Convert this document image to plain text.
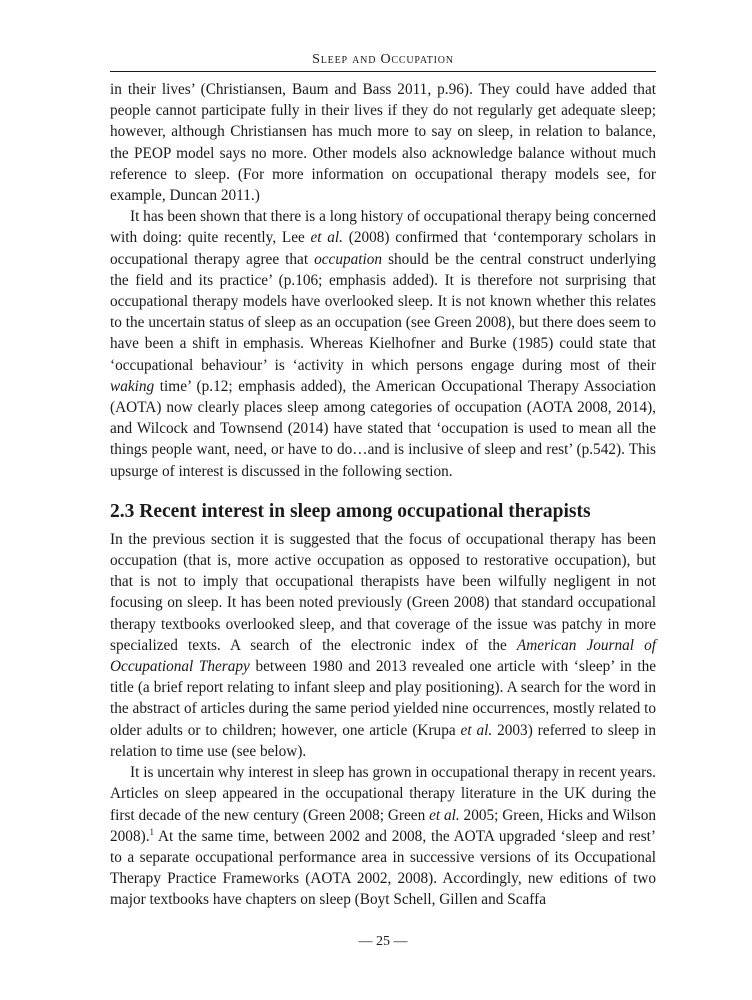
Sleep and Occupation

in their lives’ (Christiansen, Baum and Bass 2011, p.96). They could have added that people cannot participate fully in their lives if they do not regularly get adequate sleep; however, although Christiansen has much more to say on sleep, in relation to balance, the PEOP model says no more. Other models also acknowledge balance without much reference to sleep. (For more information on occupational therapy models see, for example, Duncan 2011.)

It has been shown that there is a long history of occupational therapy being concerned with doing: quite recently, Lee et al. (2008) confirmed that ‘contemporary scholars in occupational therapy agree that occupation should be the central construct underlying the field and its practice’ (p.106; emphasis added). It is therefore not surprising that occupational therapy models have overlooked sleep. It is not known whether this relates to the uncertain status of sleep as an occupation (see Green 2008), but there does seem to have been a shift in emphasis. Whereas Kielhofner and Burke (1985) could state that ‘occupational behaviour’ is ‘activity in which persons engage during most of their waking time’ (p.12; emphasis added), the American Occupational Therapy Association (AOTA) now clearly places sleep among categories of occupation (AOTA 2008, 2014), and Wilcock and Townsend (2014) have stated that ‘occupation is used to mean all the things people want, need, or have to do…and is inclusive of sleep and rest’ (p.542). This upsurge of interest is discussed in the following section.

2.3 Recent interest in sleep among occupational therapists

In the previous section it is suggested that the focus of occupational therapy has been occupation (that is, more active occupation as opposed to restorative occupation), but that is not to imply that occupational therapists have been wilfully negligent in not focusing on sleep. It has been noted previously (Green 2008) that standard occupational therapy textbooks overlooked sleep, and that coverage of the issue was patchy in more specialized texts. A search of the electronic index of the American Journal of Occupational Therapy between 1980 and 2013 revealed one article with ‘sleep’ in the title (a brief report relating to infant sleep and play positioning). A search for the word in the abstract of articles during the same period yielded nine occurrences, mostly related to older adults or to children; however, one article (Krupa et al. 2003) referred to sleep in relation to time use (see below).

It is uncertain why interest in sleep has grown in occupational therapy in recent years. Articles on sleep appeared in the occupational therapy literature in the UK during the first decade of the new century (Green 2008; Green et al. 2005; Green, Hicks and Wilson 2008).$^1$ At the same time, between 2002 and 2008, the AOTA upgraded ‘sleep and rest’ to a separate occupational performance area in successive versions of its Occupational Therapy Practice Frameworks (AOTA 2002, 2008). Accordingly, new editions of two major textbooks have chapters on sleep (Boyt Schell, Gillen and Scaffa

— 25 —
